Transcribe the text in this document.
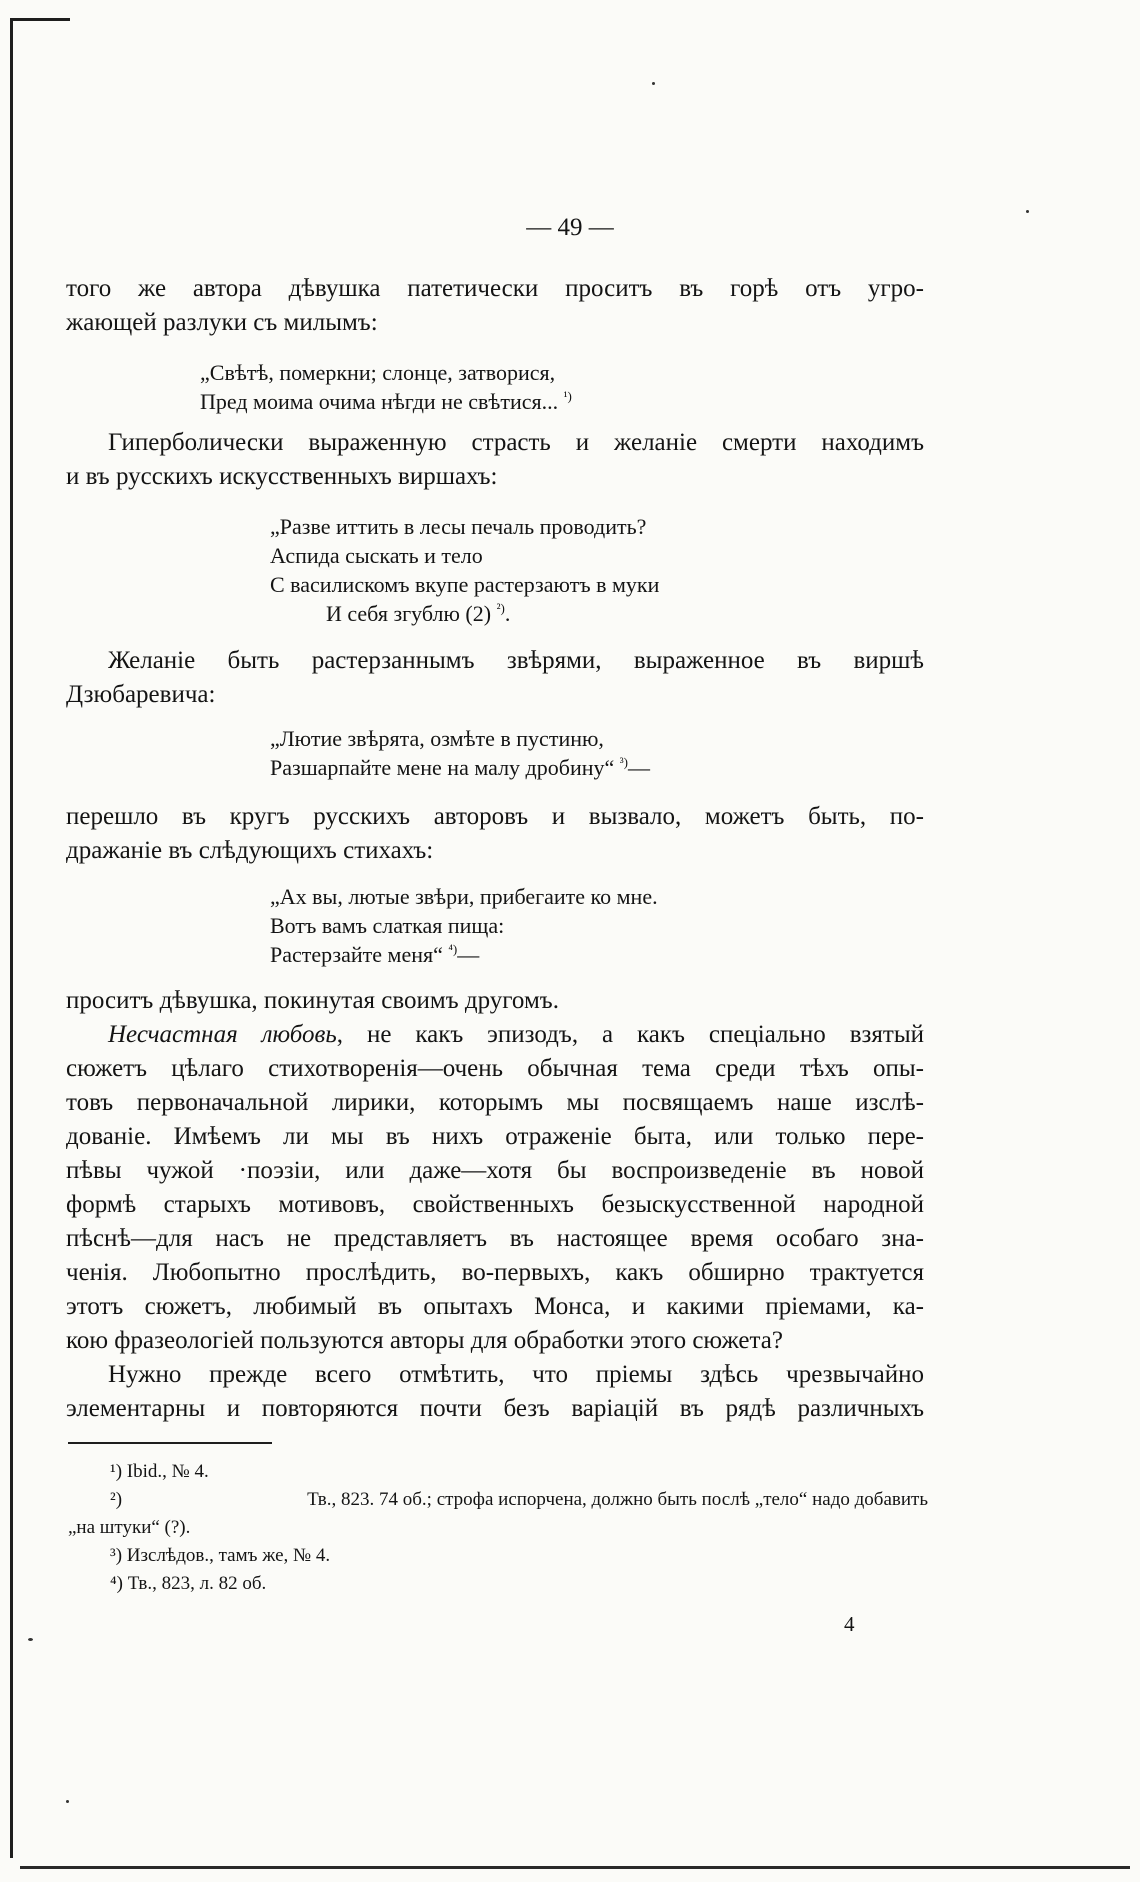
— 49 —

того же автора дѣвушка патетически проситъ въ горѣ отъ угро-

жающей разлуки съ милымъ:

„Свѣтѣ, померкни; слонце, затворися,
Пред моима очима нѣгди не свѣтися... $^{^1)}$

Гиперболически выраженную страсть и желаніе смерти находимъ

и въ русскихъ искусственныхъ виршахъ:

„Разве иттить в лесы печаль проводить?
Аспида сыскать и тело
С василискомъ вкупе растерзаютъ в муки
И себя згублю (2) $^{^2)}$.

Желаніе быть растерзаннымъ звѣрями, выраженное въ виршѣ

Дзюбаревича:

„Лютие звѣрята, озмѣте в пустиню,
Разшарпайте мене на малу дробину“ $^{^3)}$—

перешло въ кругъ русскихъ авторовъ и вызвало, можетъ быть, по-

дражаніе въ слѣдующихъ стихахъ:

„Ах вы, лютые звѣри, прибегаите ко мне.
Вотъ вамъ слаткая пища:
Растерзайте меня“ $^{^4)}$—

проситъ дѣвушка, покинутая своимъ другомъ.

Несчастная любовь, не какъ эпизодъ, а какъ спеціально взятый

сюжетъ цѣлаго стихотворенія—очень обычная тема среди тѣхъ опы-

товъ первоначальной лирики, которымъ мы посвящаемъ наше изслѣ-

дованіе. Имѣемъ ли мы въ нихъ отраженіе быта, или только пере-

пѣвы чужой ·поэзіи, или даже—хотя бы воспроизведеніе въ новой

формѣ старыхъ мотивовъ, свойственныхъ безыскусственной народной

пѣснѣ—для насъ не представляетъ въ настоящее время особаго зна-

ченія. Любопытно прослѣдить, во-первыхъ, какъ обширно трактуется

этотъ сюжетъ, любимый въ опытахъ Монса, и какими пріемами, ка-

кою фразеологіей пользуются авторы для обработки этого сюжета?

Нужно прежде всего отмѣтить, что пріемы здѣсь чрезвычайно

элементарны и повторяются почти безъ варіацій въ рядѣ различныхъ

¹) Ibid., № 4.
²)	Тв., 823. 74 об.; строфа испорчена, должно быть послѣ „тело“ надо добавить
„на штуки“ (?).
³) Изслѣдов., тамъ же, № 4.
⁴) Тв., 823, л. 82 об.
4
